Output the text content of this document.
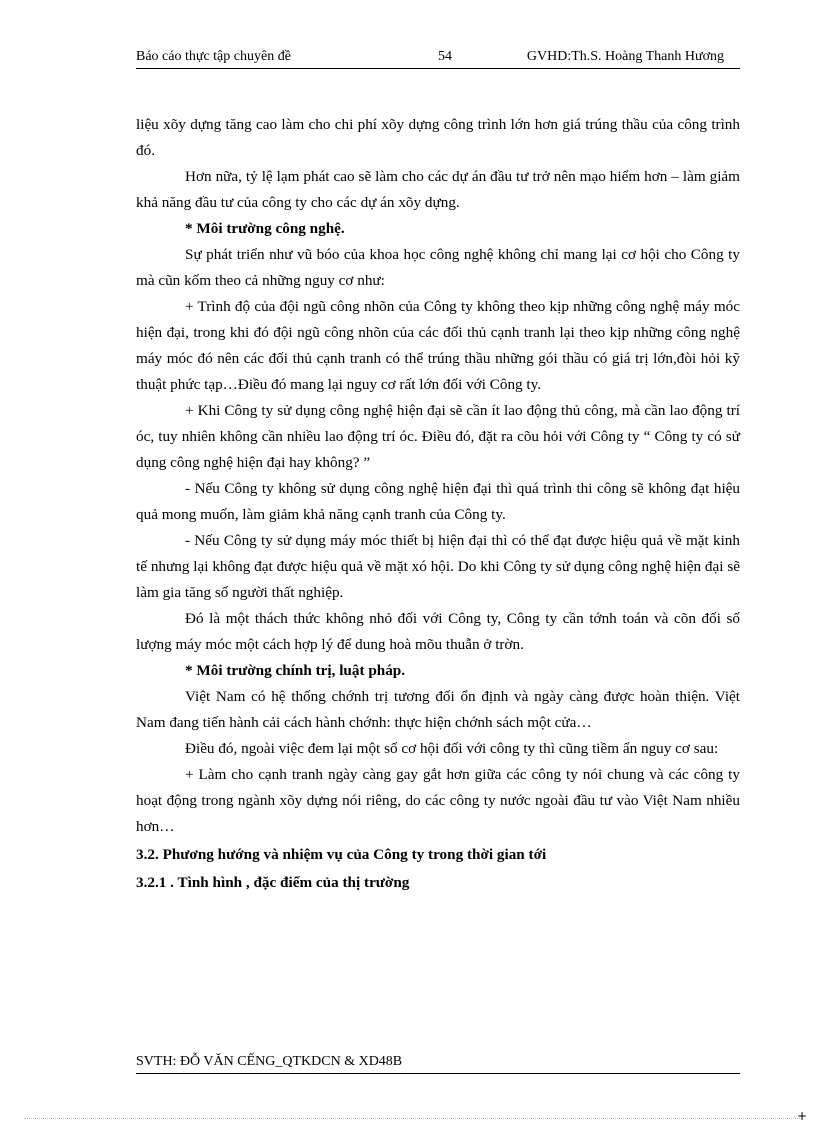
Báo cáo thực tập chuyên đề	54	GVHD:Th.S. Hoàng Thanh Hương

liệu xõy dựng tăng cao làm cho chi phí xõy dựng công trình lớn hơn giá trúng thầu của công trình đó.

Hơn nữa, tỷ lệ lạm phát cao sẽ làm cho các dự án đầu tư trở nên mạo hiểm hơn – làm giảm khả năng đầu tư của công ty cho các dự án xõy dựng.

* Môi trường công nghệ.

Sự phát triển như vũ bóo của khoa học công nghệ không chỉ mang lại cơ hội cho Công ty mà cũn kốm theo cả những nguy cơ như:

+ Trình độ của đội ngũ công nhõn của Công ty không theo kịp những công nghệ máy móc hiện đại, trong khi đó đội ngũ công nhõn của các đối thủ cạnh tranh lại theo kịp những công nghệ máy móc đó nên các đối thủ cạnh tranh có thể trúng thầu những gói thầu có giá trị lớn,đòi hỏi kỹ thuật phức tạp…Điều đó mang lại nguy cơ rất lớn đối với Công ty.

+ Khi Công ty sử dụng công nghệ hiện đại sẽ cần ít lao động thủ công, mà cần lao động trí óc, tuy nhiên không cần nhiều lao động trí óc. Điều đó, đặt ra cõu hỏi với Công ty “ Công ty có sử dụng công nghệ hiện đại hay không? ”

- Nếu Công ty không sử dụng công nghệ hiện đại thì quá trình thi công sẽ không đạt hiệu quả mong muốn, làm giảm khả năng cạnh tranh của Công ty.

- Nếu Công ty sử dụng máy móc thiết bị hiện đại thì có thể đạt được hiệu quả về mặt kinh tế nhưng lại không đạt được hiệu quả về mặt xó hội. Do khi Công ty sử dụng công nghệ hiện đại sẽ làm gia tăng số người thất nghiệp.

Đó là một thách thức không nhỏ đối với Công ty, Công ty cần tớnh toán và cõn đối số lượng máy móc một cách hợp lý để dung hoà mõu thuẫn ở trờn.

* Môi trường chính trị, luật pháp.

Việt Nam có hệ thống chớnh trị tương đối ổn định và ngày càng được hoàn thiện. Việt Nam đang tiến hành cải cách hành chớnh: thực hiện chớnh sách một cửa…

Điều đó, ngoài việc đem lại một số cơ hội đối với công ty thì cũng tiềm ẩn nguy cơ sau:

+ Làm cho cạnh tranh ngày càng gay gắt hơn giữa các công ty nói chung và các công ty hoạt động trong ngành xõy dựng nói riêng, do các công ty nước ngoài đầu tư vào Việt Nam nhiều hơn…

3.2. Phương hướng và nhiệm vụ của Công ty trong thời gian tới

3.2.1 . Tình hình , đặc điểm của thị trường

SVTH: ĐỖ VĂN CẾNG_QTKDCN & XD48B
+
